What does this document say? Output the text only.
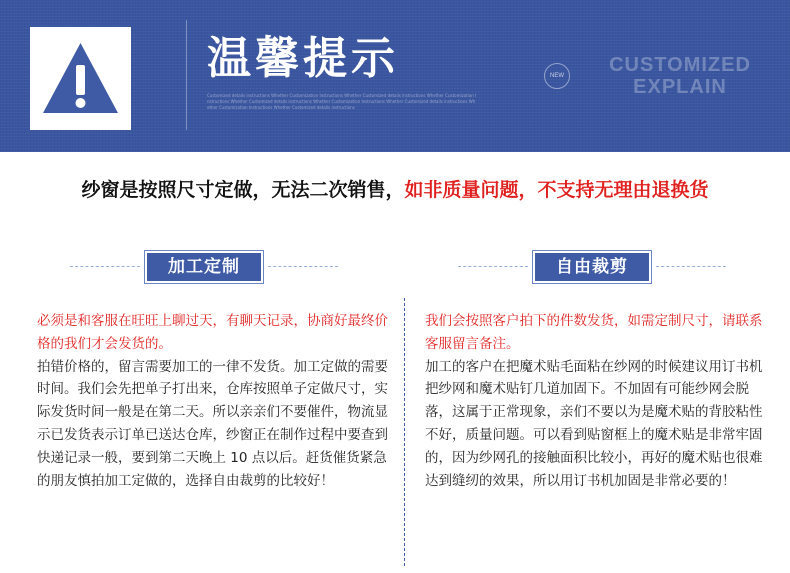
温馨提示
Customized details instructions Whether Customization Instructions Whether Customized details instructions Whether Customization Instructions Whether Customized details instructions Whether Customization Instructions Whether Customized details instructions Whether Customization Instructions Whether Customized details instructions
NEW	CUSTOMIZED
EXPLAIN
纱窗是按照尺寸定做，无法二次销售，如非质量问题，不支持无理由退换货
加工定制	自由裁剪
必须是和客服在旺旺上聊过天，有聊天记录，协商好最终价格的我们才会发货的。
拍错价格的，留言需要加工的一律不发货。加工定做的需要时间。我们会先把单子打出来，仓库按照单子定做尺寸，实际发货时间一般是在第二天。所以亲亲们不要催件，物流显示已发货表示订单已送达仓库，纱窗正在制作过程中要查到快递记录一般，要到第二天晚上 10 点以后。赶货催货紧急的朋友慎拍加工定做的，选择自由裁剪的比较好！
我们会按照客户拍下的件数发货，如需定制尺寸，请联系客服留言备注。
加工的客户在把魔术贴毛面粘在纱网的时候建议用订书机把纱网和魔术贴钉几道加固下。不加固有可能纱网会脱落，这属于正常现象，亲们不要以为是魔术贴的背胶粘性不好，质量问题。可以看到贴窗框上的魔术贴是非常牢固的，因为纱网孔的接触面积比较小，再好的魔术贴也很难达到缝纫的效果，所以用订书机加固是非常必要的！
